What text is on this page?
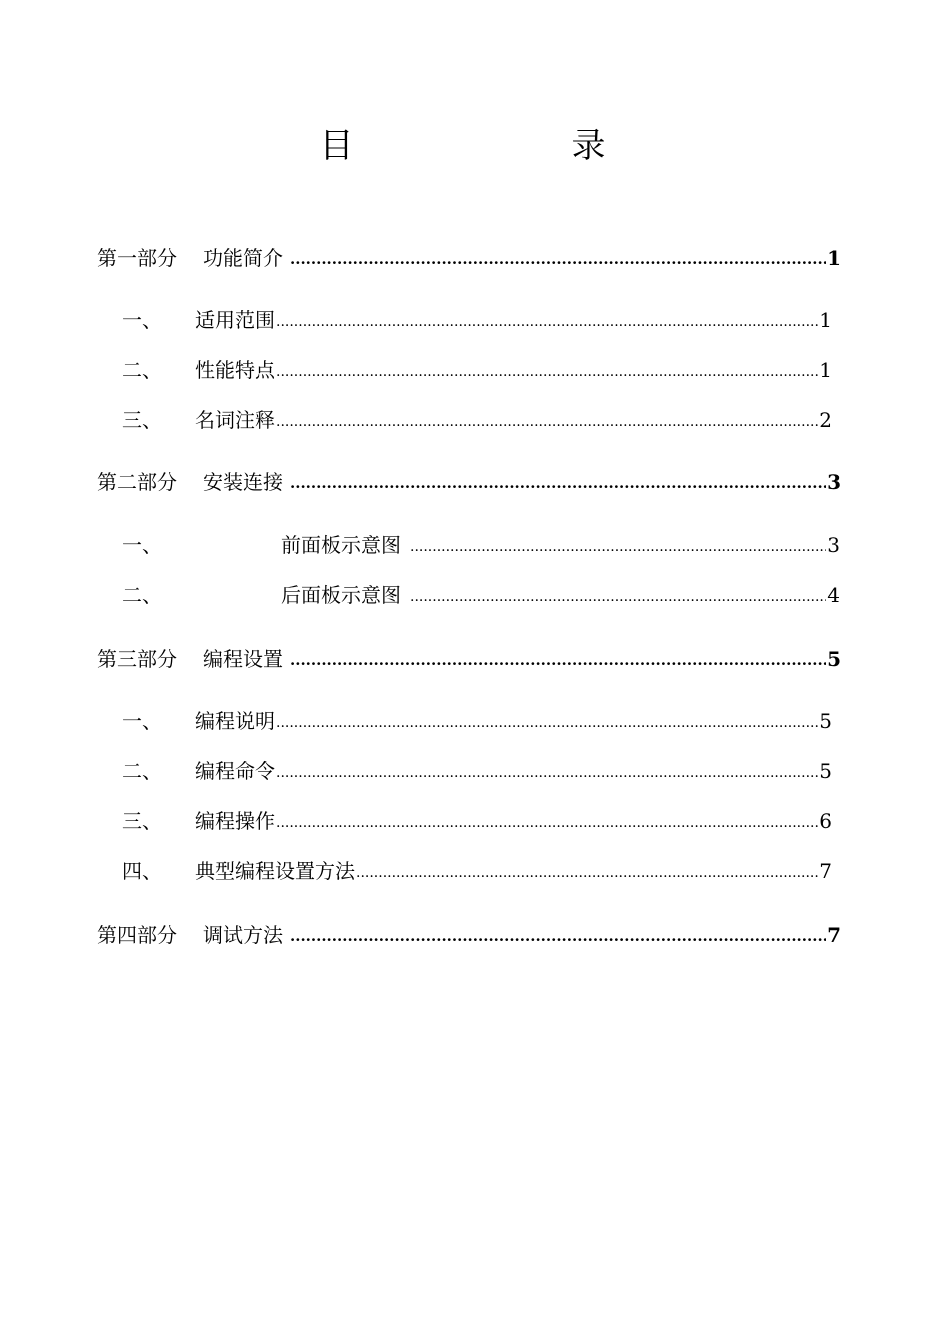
目　　录
第一部分 功能简介 .....	1
一、 适用范围 .....	1
二、 性能特点 .....	1
三、 名词注释 .....	2
第二部分 安装连接 .....	3
一、	前面板示意图 .....	3
二、	后面板示意图 .....	4
第三部分 编程设置 .....	5
一、 编程说明 .....	5
二、 编程命令 .....	5
三、 编程操作 .....	6
四、 典型编程设置方法 .....	7
第四部分 调试方法 .....	7
